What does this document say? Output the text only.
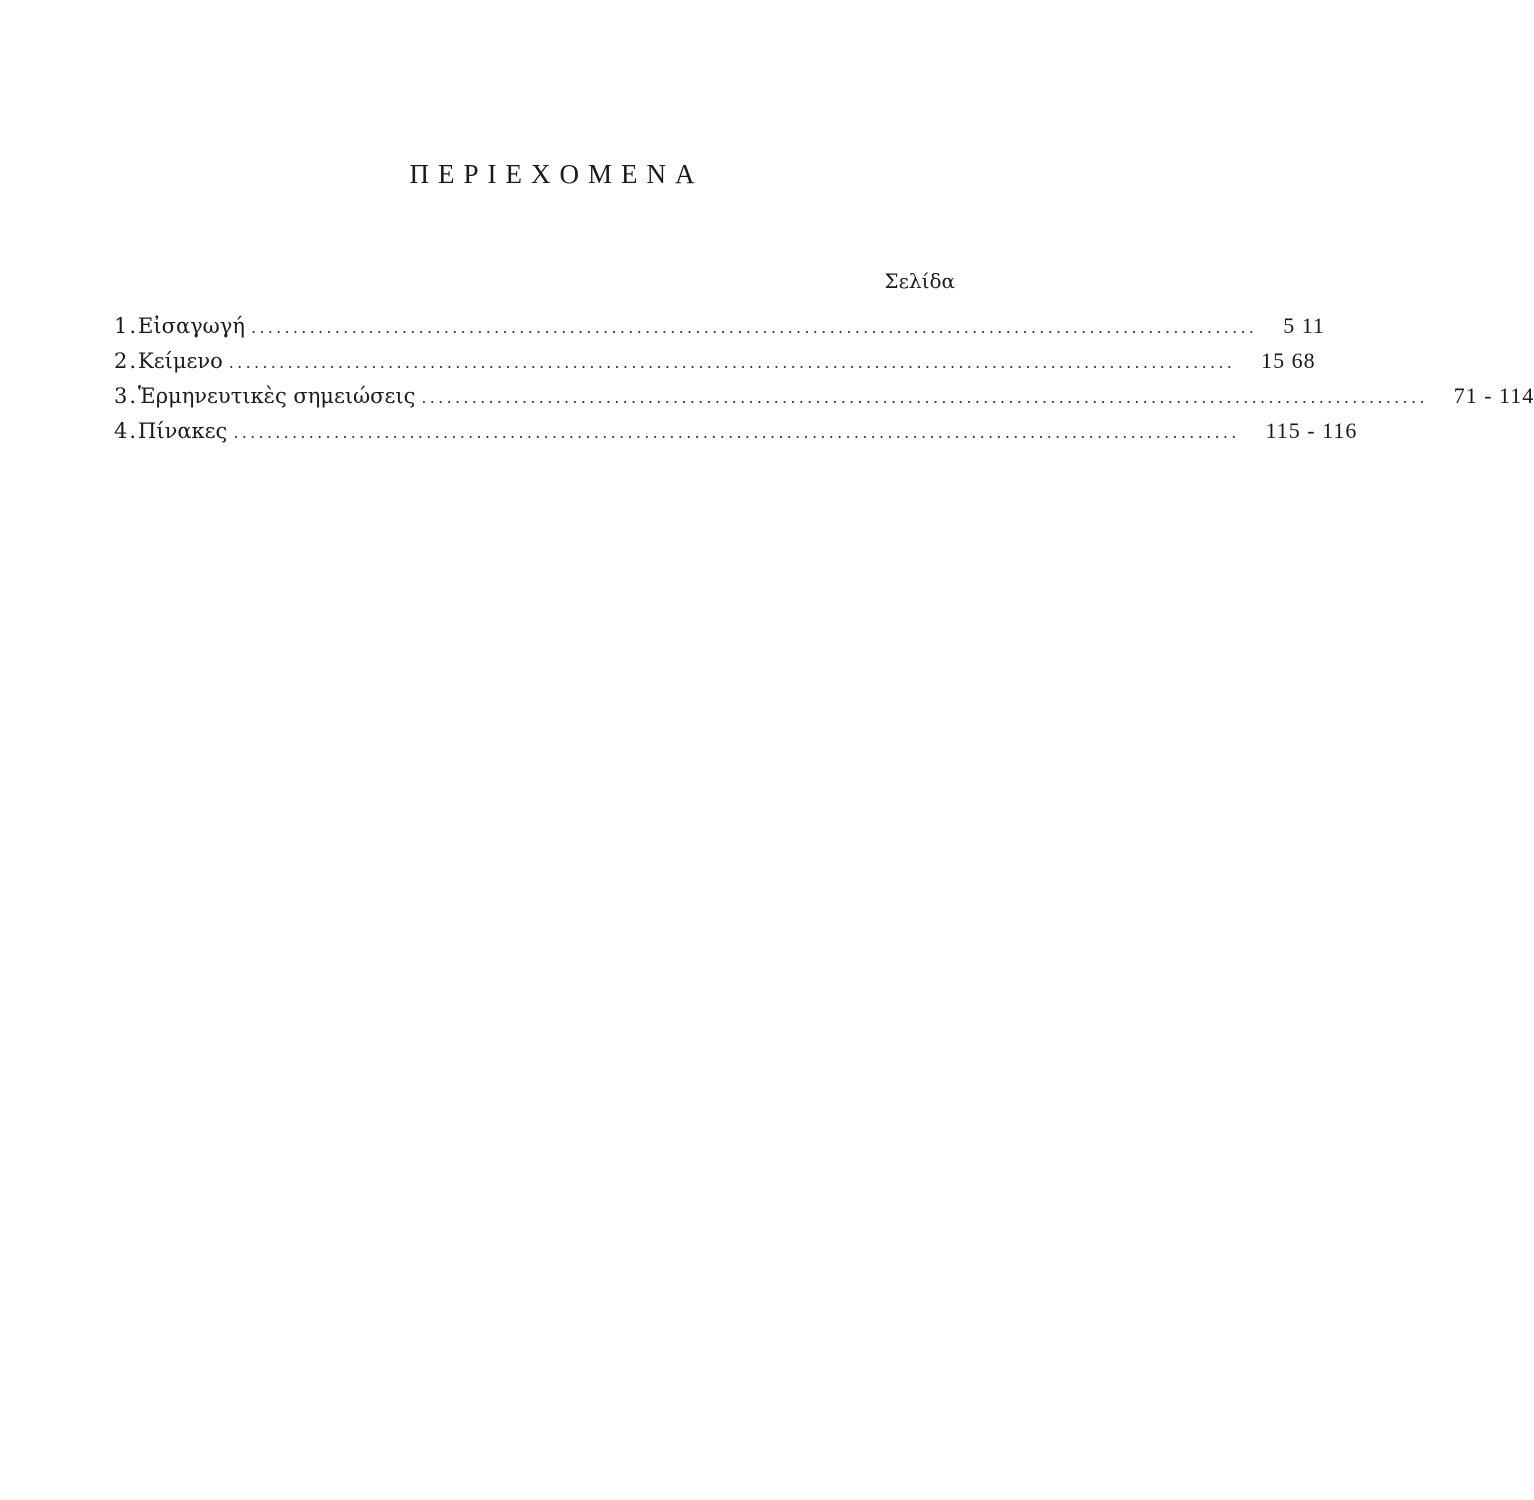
ΠΕΡΙΕΧΟΜΕΝΑ
Σελίδα
1. Εἰσαγωγή ........................................................................................................................ 5 11
2. Κείμενο ........................................................................................................................ 15 68
3. Ἑρμηνευτικὲς σημειώσεις ........................................................................................................................ 71 - 114
4. Πίνακες ........................................................................................................................ 115 - 116
